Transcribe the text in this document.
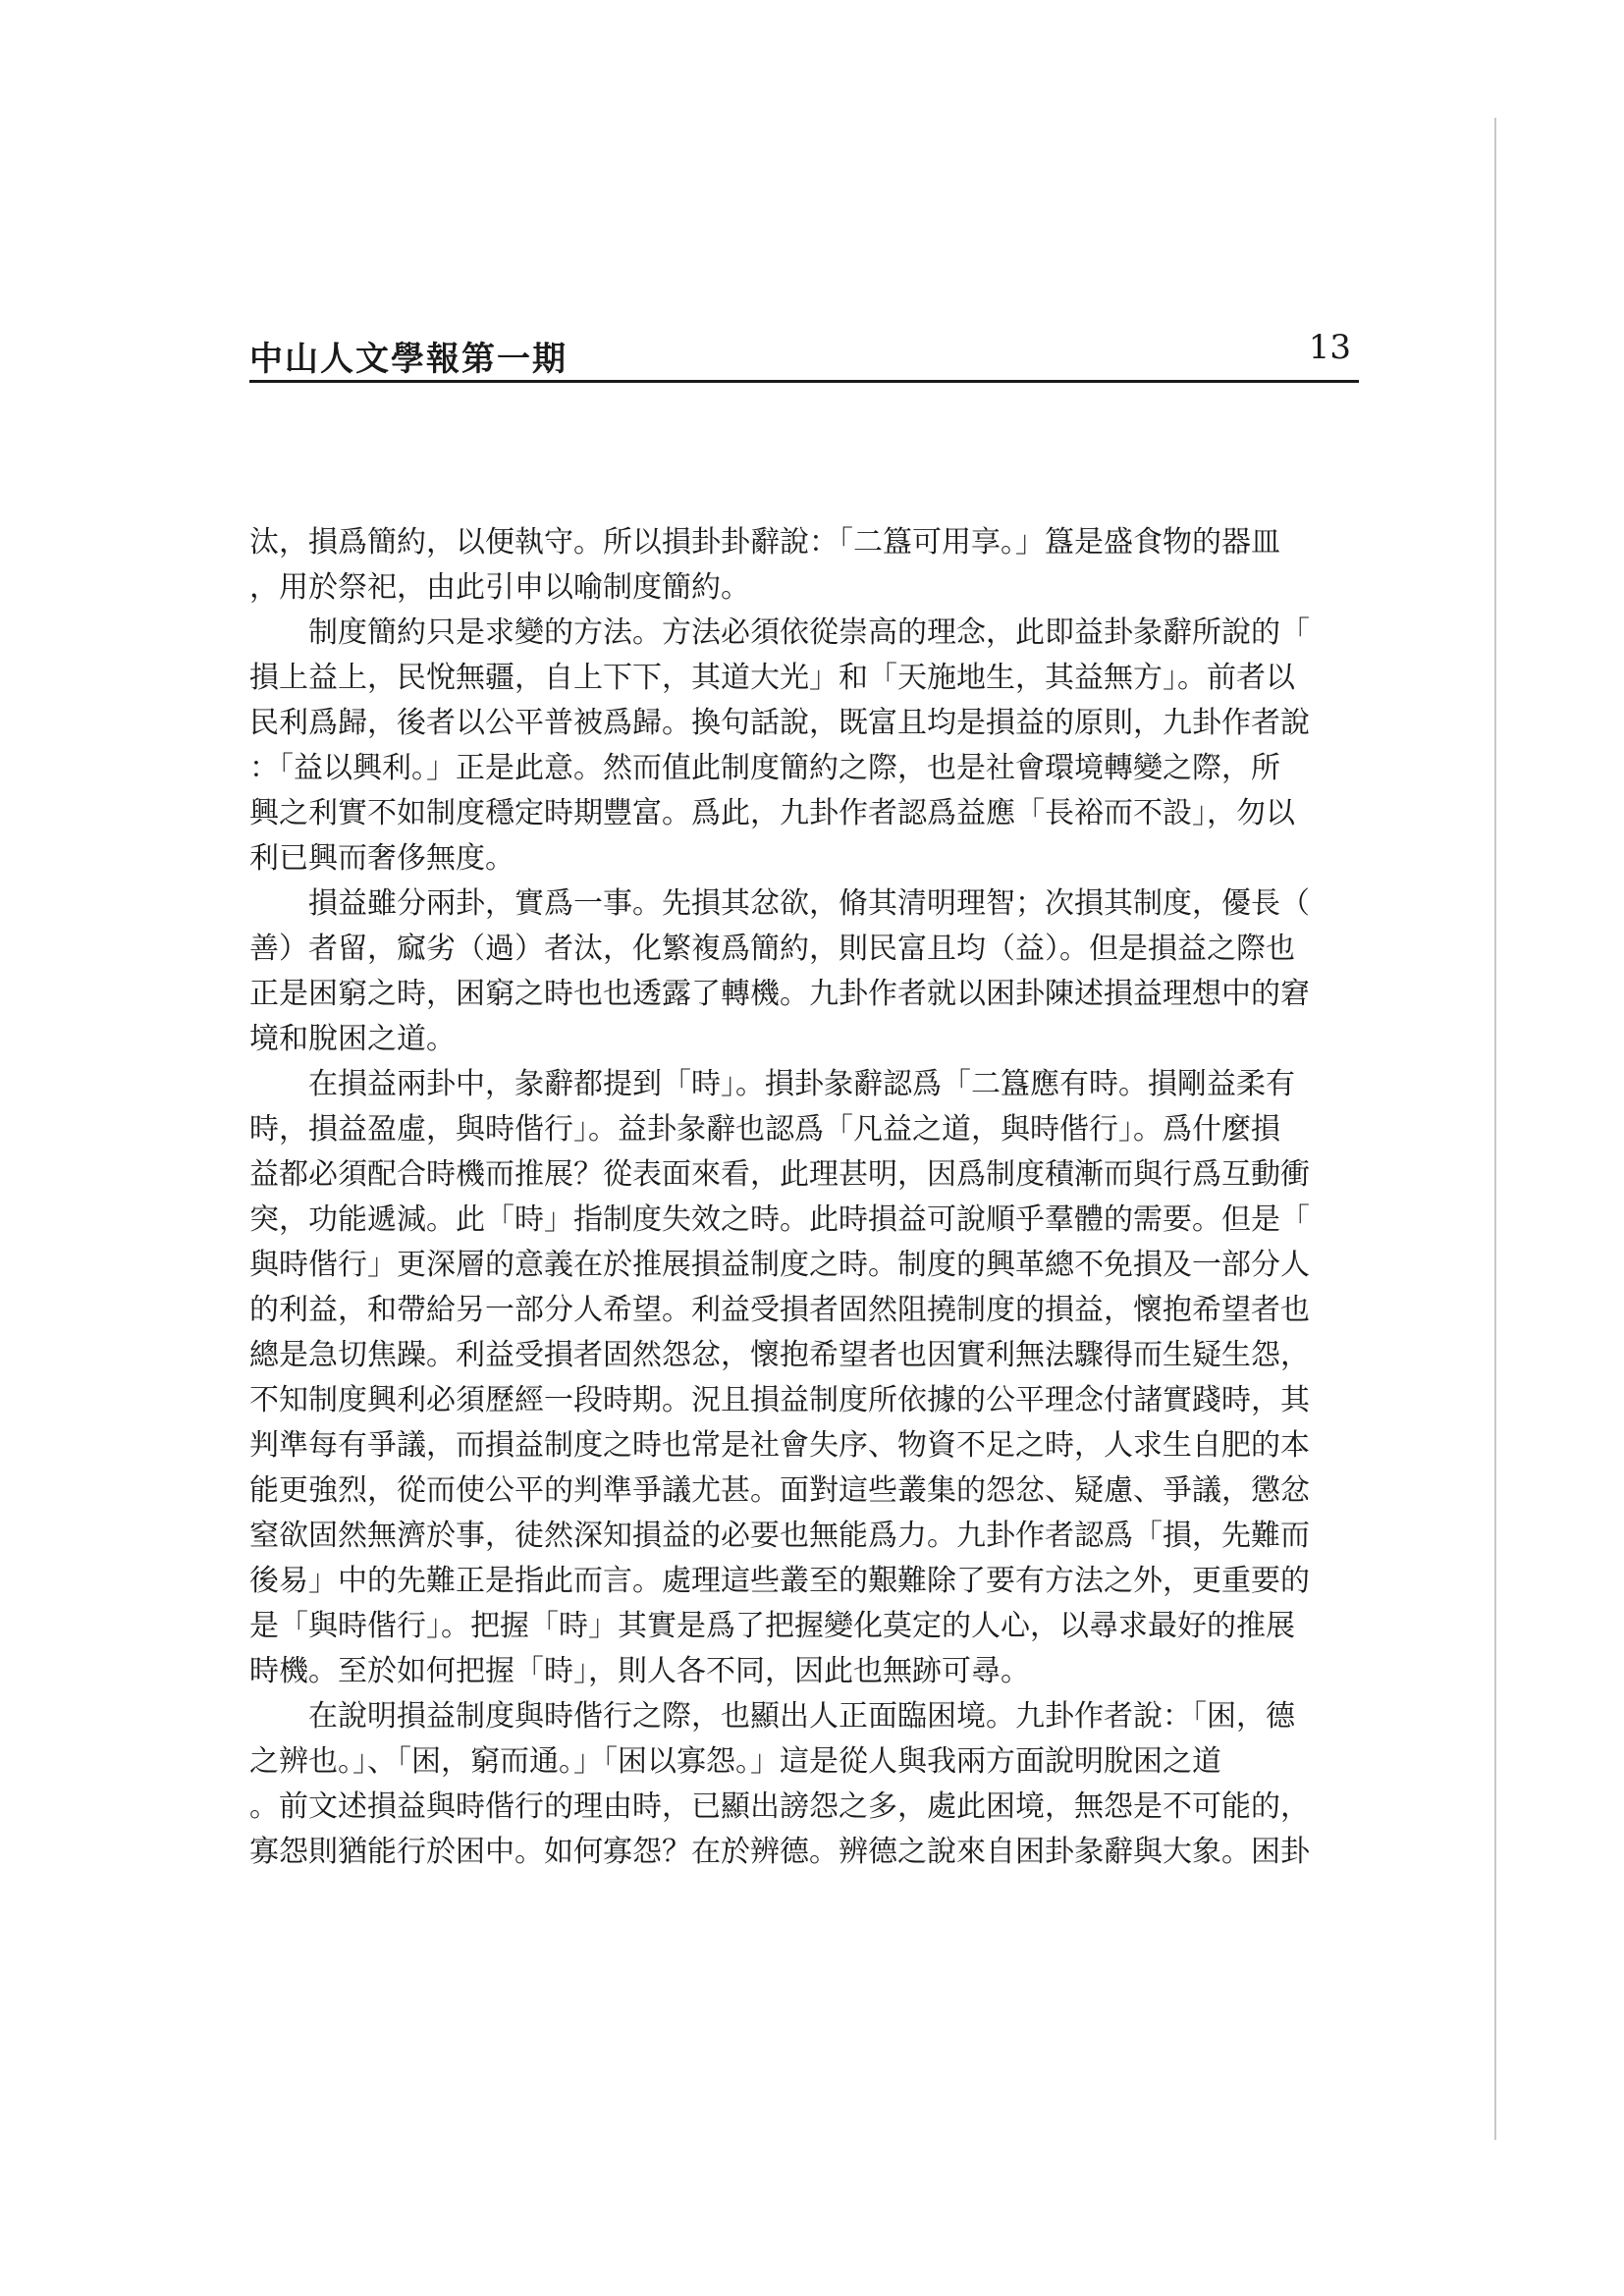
中山人文學報第一期	13
汰，損爲簡約，以便執守。所以損卦卦辭說：「二簋可用享。」簋是盛食物的器皿
，用於祭祀，由此引申以喻制度簡約。
制度簡約只是求變的方法。方法必須依從崇高的理念，此即益卦彖辭所說的「
損上益上，民悅無疆，自上下下，其道大光」和「天施地生，其益無方」。前者以
民利爲歸，後者以公平普被爲歸。換句話說，既富且均是損益的原則，九卦作者說
：「益以興利。」正是此意。然而值此制度簡約之際，也是社會環境轉變之際，所
興之利實不如制度穩定時期豐富。爲此，九卦作者認爲益應「長裕而不設」，勿以
利已興而奢侈無度。
損益雖分兩卦，實爲一事。先損其忿欲，脩其清明理智；次損其制度，優長（
善）者留，窳劣（過）者汰，化繁複爲簡約，則民富且均（益）。但是損益之際也
正是困窮之時，困窮之時也也透露了轉機。九卦作者就以困卦陳述損益理想中的窘
境和脫困之道。
在損益兩卦中，彖辭都提到「時」。損卦彖辭認爲「二簋應有時。損剛益柔有
時，損益盈虛，與時偕行」。益卦彖辭也認爲「凡益之道，與時偕行」。爲什麼損
益都必須配合時機而推展？從表面來看，此理甚明，因爲制度積漸而與行爲互動衝
突，功能遞減。此「時」指制度失效之時。此時損益可說順乎羣體的需要。但是「
與時偕行」更深層的意義在於推展損益制度之時。制度的興革總不免損及一部分人
的利益，和帶給另一部分人希望。利益受損者固然阻撓制度的損益，懷抱希望者也
總是急切焦躁。利益受損者固然怨忿，懷抱希望者也因實利無法驟得而生疑生怨，
不知制度興利必須歷經一段時期。況且損益制度所依據的公平理念付諸實踐時，其
判準每有爭議，而損益制度之時也常是社會失序、物資不足之時，人求生自肥的本
能更強烈，從而使公平的判準爭議尤甚。面對這些叢集的怨忿、疑慮、爭議，懲忿
窒欲固然無濟於事，徒然深知損益的必要也無能爲力。九卦作者認爲「損，先難而
後易」中的先難正是指此而言。處理這些叢至的艱難除了要有方法之外，更重要的
是「與時偕行」。把握「時」其實是爲了把握變化莫定的人心，以尋求最好的推展
時機。至於如何把握「時」，則人各不同，因此也無跡可尋。
在說明損益制度與時偕行之際，也顯出人正面臨困境。九卦作者說：「困，德
之辨也。」、「困，窮而通。」「困以寡怨。」這是從人與我兩方面說明脫困之道
。前文述損益與時偕行的理由時，已顯出謗怨之多，處此困境，無怨是不可能的，
寡怨則猶能行於困中。如何寡怨？在於辨德。辨德之說來自困卦彖辭與大象。困卦
